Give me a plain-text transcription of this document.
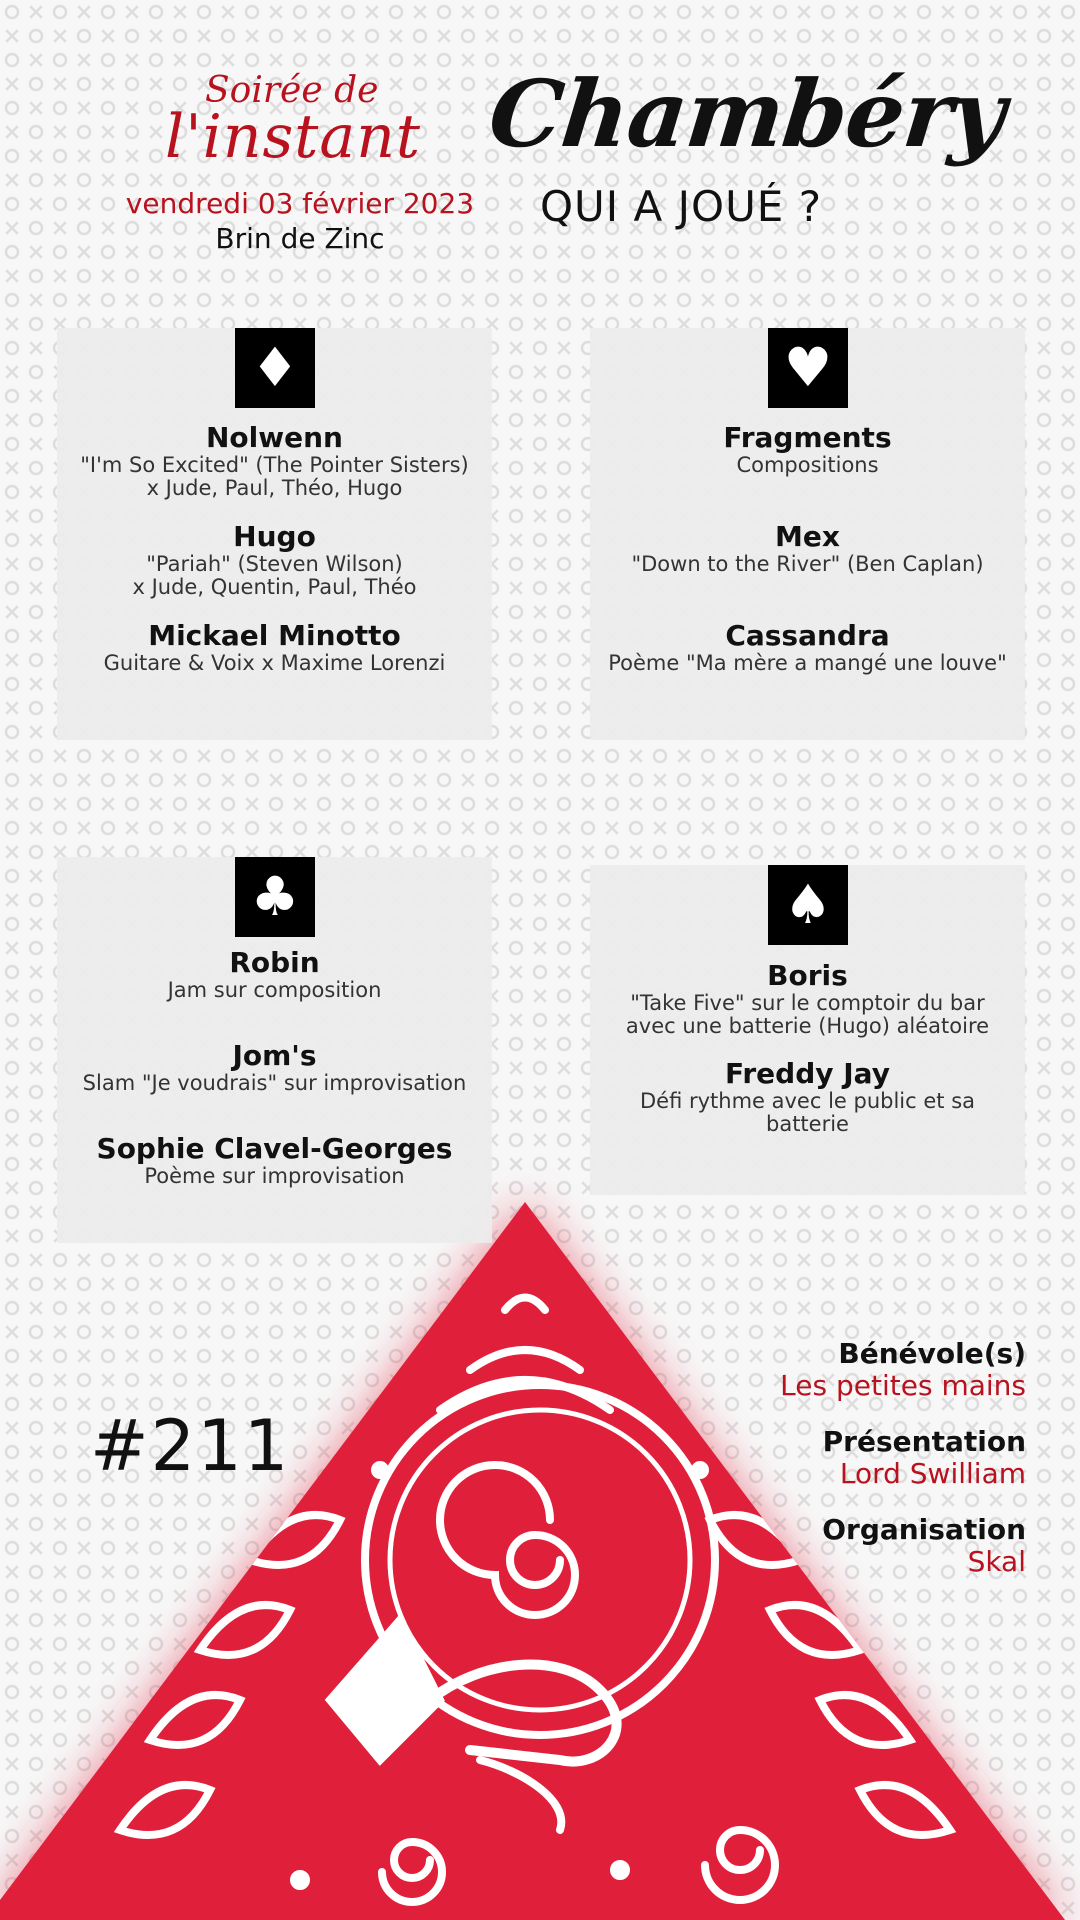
Soirée de
l'instant
vendredi 03 février 2023
Brin de Zinc
Chambéry
QUI A JOUÉ ?
♦
Nolwenn
"I'm So Excited" (The Pointer Sisters)
x Jude, Paul, Théo, Hugo
Hugo
"Pariah" (Steven Wilson)
x Jude, Quentin, Paul, Théo
Mickael Minotto
Guitare & Voix x Maxime Lorenzi
♥
Fragments
Compositions
Mex
"Down to the River" (Ben Caplan)
Cassandra
Poème "Ma mère a mangé une louve"
♣
Robin
Jam sur composition
Jom's
Slam "Je voudrais" sur improvisation
Sophie Clavel-Georges
Poème sur improvisation
♠
Boris
"Take Five" sur le comptoir du bar
avec une batterie (Hugo) aléatoire
Freddy Jay
Défi rythme avec le public et sa
batterie
#211
Bénévole(s)
Les petites mains
Présentation
Lord Swilliam
Organisation
Skal
